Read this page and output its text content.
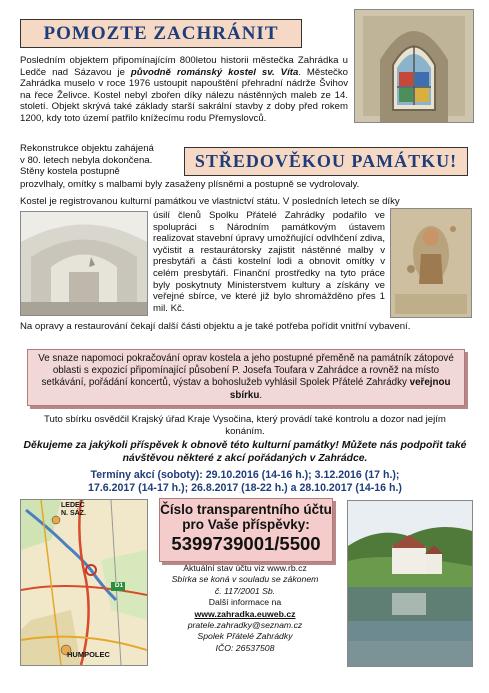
POMOZTE ZACHRÁNIT
Posledním objektem připomínajícím 800letou historii městečka Zahrádka u Ledče nad Sázavou je původně románský kostel sv. Víta. Městečko Zahrádka muselo v roce 1976 ustoupit napouštění přehradní nádrže Švihov na řece Želivce. Kostel nebyl zbořen díky nálezu nástěnných maleb ze 14. století. Objekt skrývá také základy starší sakrální stavby z doby před rokem 1200, kdy toto území patřilo knížecímu rodu Přemyslovců.
Rekonstrukce objektu zahájená
v 80. letech nebyla dokončena.
Stěny kostela postupně
STŘEDOVĚKOU PAMÁTKU!
prozvlhaly, omítky s malbami byly zasaženy plísněmi a postupně se vydrolovaly.
Kostel je registrovanou kulturní památkou ve vlastnictví státu. V posledních letech se díky
úsilí členů Spolku Přátelé Zahrádky podařilo ve spolupráci s Národním památkovým ústavem realizovat stavební úpravy umožňující odvlhčení zdiva, vyčistit a restaurátorsky zajistit nástěnné malby v presbytáři a části kostelní lodi a obnovit omítky v celém presbytáři. Finanční prostředky na tyto práce byly poskytnuty Ministerstvem kultury a získány ve veřejné sbírce, ve které již bylo shromážděno přes 1 mil. Kč.
Na opravy a restaurování čekají další části objektu a je také potřeba pořídit vnitřní vybavení.
Ve snaze napomoci pokračování oprav kostela a jeho postupné přeměně na památník zátopové oblasti s expozicí připomínající působení P. Josefa Toufara v Zahrádce a rovněž na místo setkávání, pořádání koncertů, výstav a bohoslužeb vyhlásil Spolek Přátelé Zahrádky veřejnou sbírku.
Tuto sbírku osvědčil Krajský úřad Kraje Vysočina, který provádí také kontrolu a dozor nad jejím konáním.
Děkujeme za jakýkoli příspěvek k obnově této kulturní památky! Můžete nás podpořit také návštěvou některé z akcí pořádaných v Zahrádce.
Termíny akcí (soboty): 29.10.2016 (14-16 h.); 3.12.2016 (17 h.);
17.6.2017 (14-17 h.); 26.8.2017 (18-22 h.) a 28.10.2017 (14-16 h.)
LEDEČ
N. SÁZ.
HUMPOLEC
D1
Číslo transparentního účtu
pro Vaše příspěvky:
5399739001/5500
Aktuální stav účtu viz www.rb.cz
Sbírka se koná v souladu se zákonem
č. 117/2001 Sb.
Další informace na
www.zahradka.euweb.cz
pratele.zahradky@seznam.cz
Spolek Přátelé Zahrádky
IČO: 26537508
